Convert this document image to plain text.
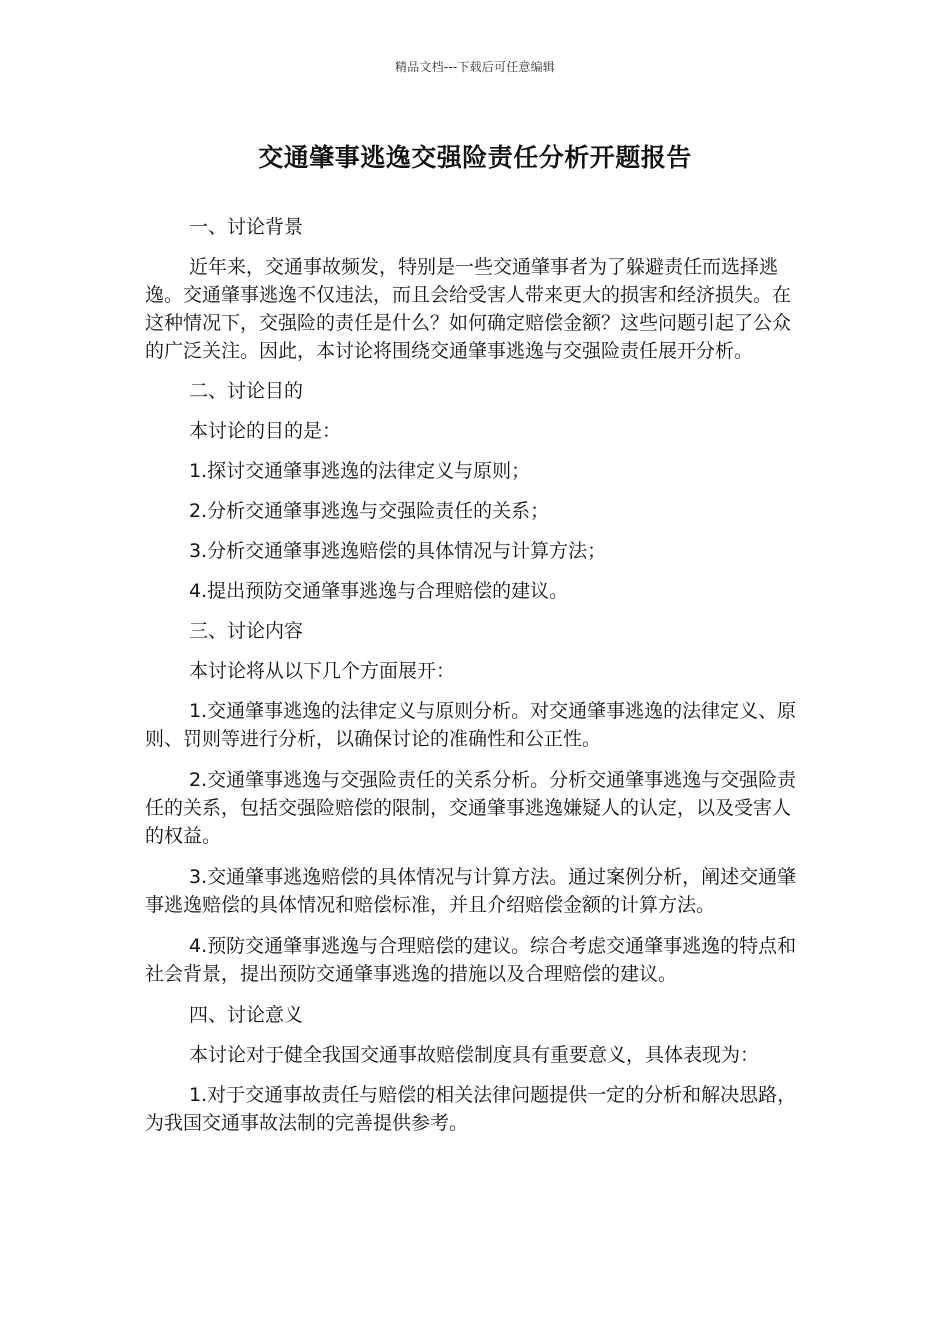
精品文档---下载后可任意编辑
交通肇事逃逸交强险责任分析开题报告

一、讨论背景

近年来，交通事故频发，特别是一些交通肇事者为了躲避责任而选择逃逸。交通肇事逃逸不仅违法，而且会给受害人带来更大的损害和经济损失。在这种情况下，交强险的责任是什么？如何确定赔偿金额？这些问题引起了公众的广泛关注。因此，本讨论将围绕交通肇事逃逸与交强险责任展开分析。

二、讨论目的

本讨论的目的是：

1.探讨交通肇事逃逸的法律定义与原则；

2.分析交通肇事逃逸与交强险责任的关系；

3.分析交通肇事逃逸赔偿的具体情况与计算方法；

4.提出预防交通肇事逃逸与合理赔偿的建议。

三、讨论内容

本讨论将从以下几个方面展开：

1.交通肇事逃逸的法律定义与原则分析。对交通肇事逃逸的法律定义、原则、罚则等进行分析，以确保讨论的准确性和公正性。

2.交通肇事逃逸与交强险责任的关系分析。分析交通肇事逃逸与交强险责任的关系，包括交强险赔偿的限制，交通肇事逃逸嫌疑人的认定，以及受害人的权益。

3.交通肇事逃逸赔偿的具体情况与计算方法。通过案例分析，阐述交通肇事逃逸赔偿的具体情况和赔偿标准，并且介绍赔偿金额的计算方法。

4.预防交通肇事逃逸与合理赔偿的建议。综合考虑交通肇事逃逸的特点和社会背景，提出预防交通肇事逃逸的措施以及合理赔偿的建议。

四、讨论意义

本讨论对于健全我国交通事故赔偿制度具有重要意义，具体表现为：

1.对于交通事故责任与赔偿的相关法律问题提供一定的分析和解决思路，为我国交通事故法制的完善提供参考。
